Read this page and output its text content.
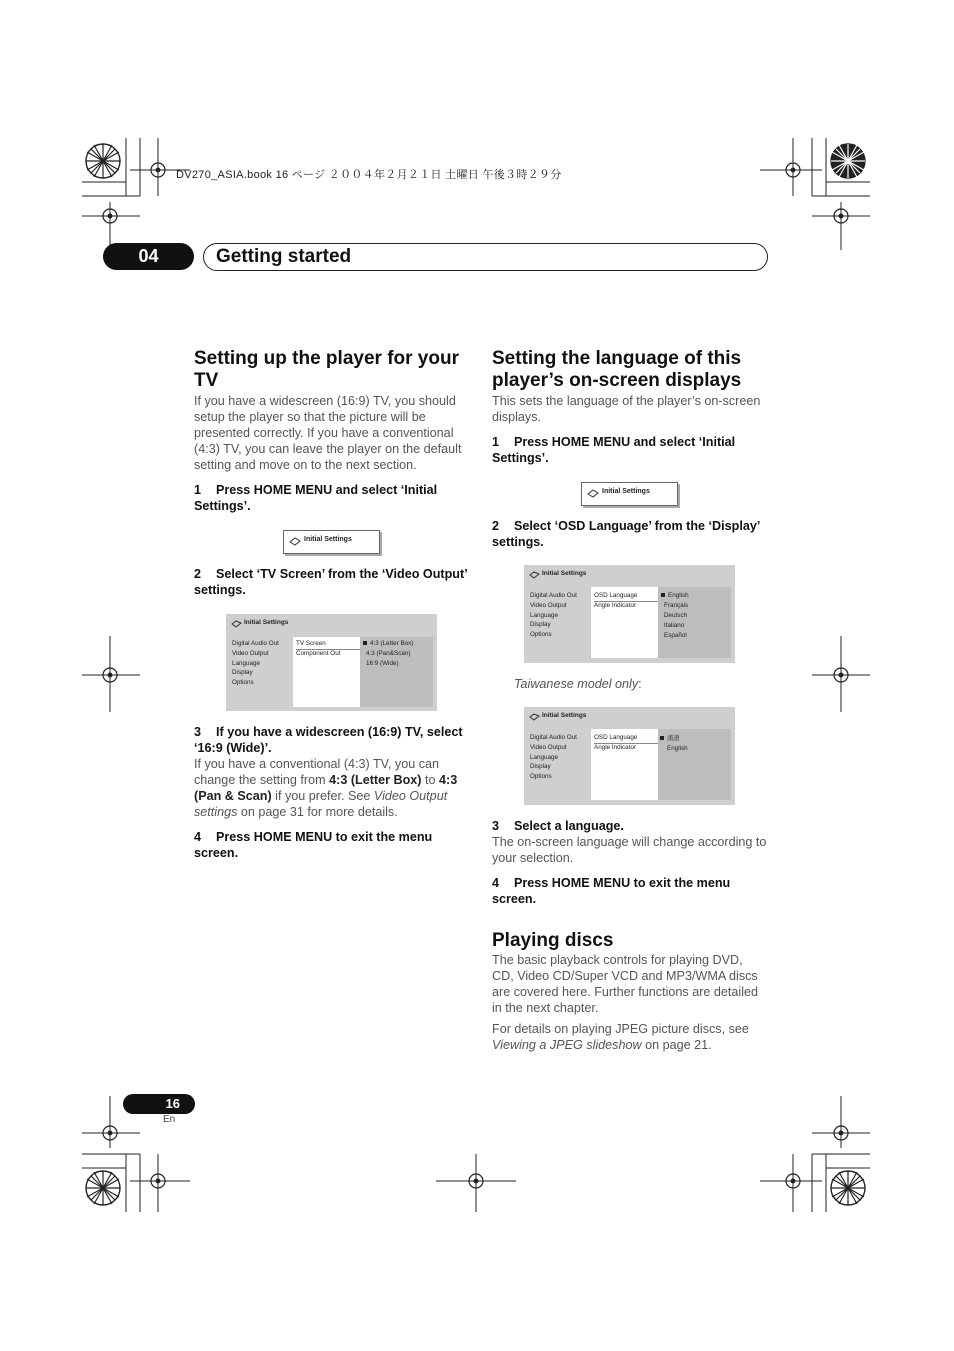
DV270_ASIA.book 16 ページ ２００４年２月２１日 土曜日 午後３時２９分
04	Getting started
Setting up the player for your TV

If you have a widescreen (16:9) TV, you should setup the player so that the picture will be presented correctly. If you have a conventional (4:3) TV, you can leave the player on the default setting and move on to the next section.

1 Press HOME MENU and select ‘Initial Settings’.

Initial Settings

2 Select ‘TV Screen’ from the ‘Video Output’ settings.

Initial Settings
Digital Audio Out
Video Output
Language
Display
Options
TV Screen
Component Out
4:3 (Letter Box)
4:3 (Pan&Scan)
16:9 (Wide)

3 If you have a widescreen (16:9) TV, select ‘16:9 (Wide)’.

If you have a conventional (4:3) TV, you can change the setting from 4:3 (Letter Box) to 4:3 (Pan & Scan) if you prefer. See Video Output settings on page 31 for more details.

4 Press HOME MENU to exit the menu screen.

Setting the language of this player’s on-screen displays

This sets the language of the player’s on-screen displays.

1 Press HOME MENU and select ‘Initial Settings’.

Initial Settings

2 Select ‘OSD Language’ from the ‘Display’ settings.

Initial Settings
Digital Audio Out
Video Output
Language
Display
Options
OSD Language
Angle Indicator
English
Français
Deutsch
Italiano
Español
Taiwanese model only:
Initial Settings
Digital Audio Out
Video Output
Language
Display
Options
OSD Language
Angle Indicator
漢語
English

3 Select a language.

The on-screen language will change according to your selection.

4 Press HOME MENU to exit the menu screen.

Playing discs

The basic playback controls for playing DVD, CD, Video CD/Super VCD and MP3/WMA discs are covered here. Further functions are detailed in the next chapter.

For details on playing JPEG picture discs, see Viewing a JPEG slideshow on page 21.

16
En
